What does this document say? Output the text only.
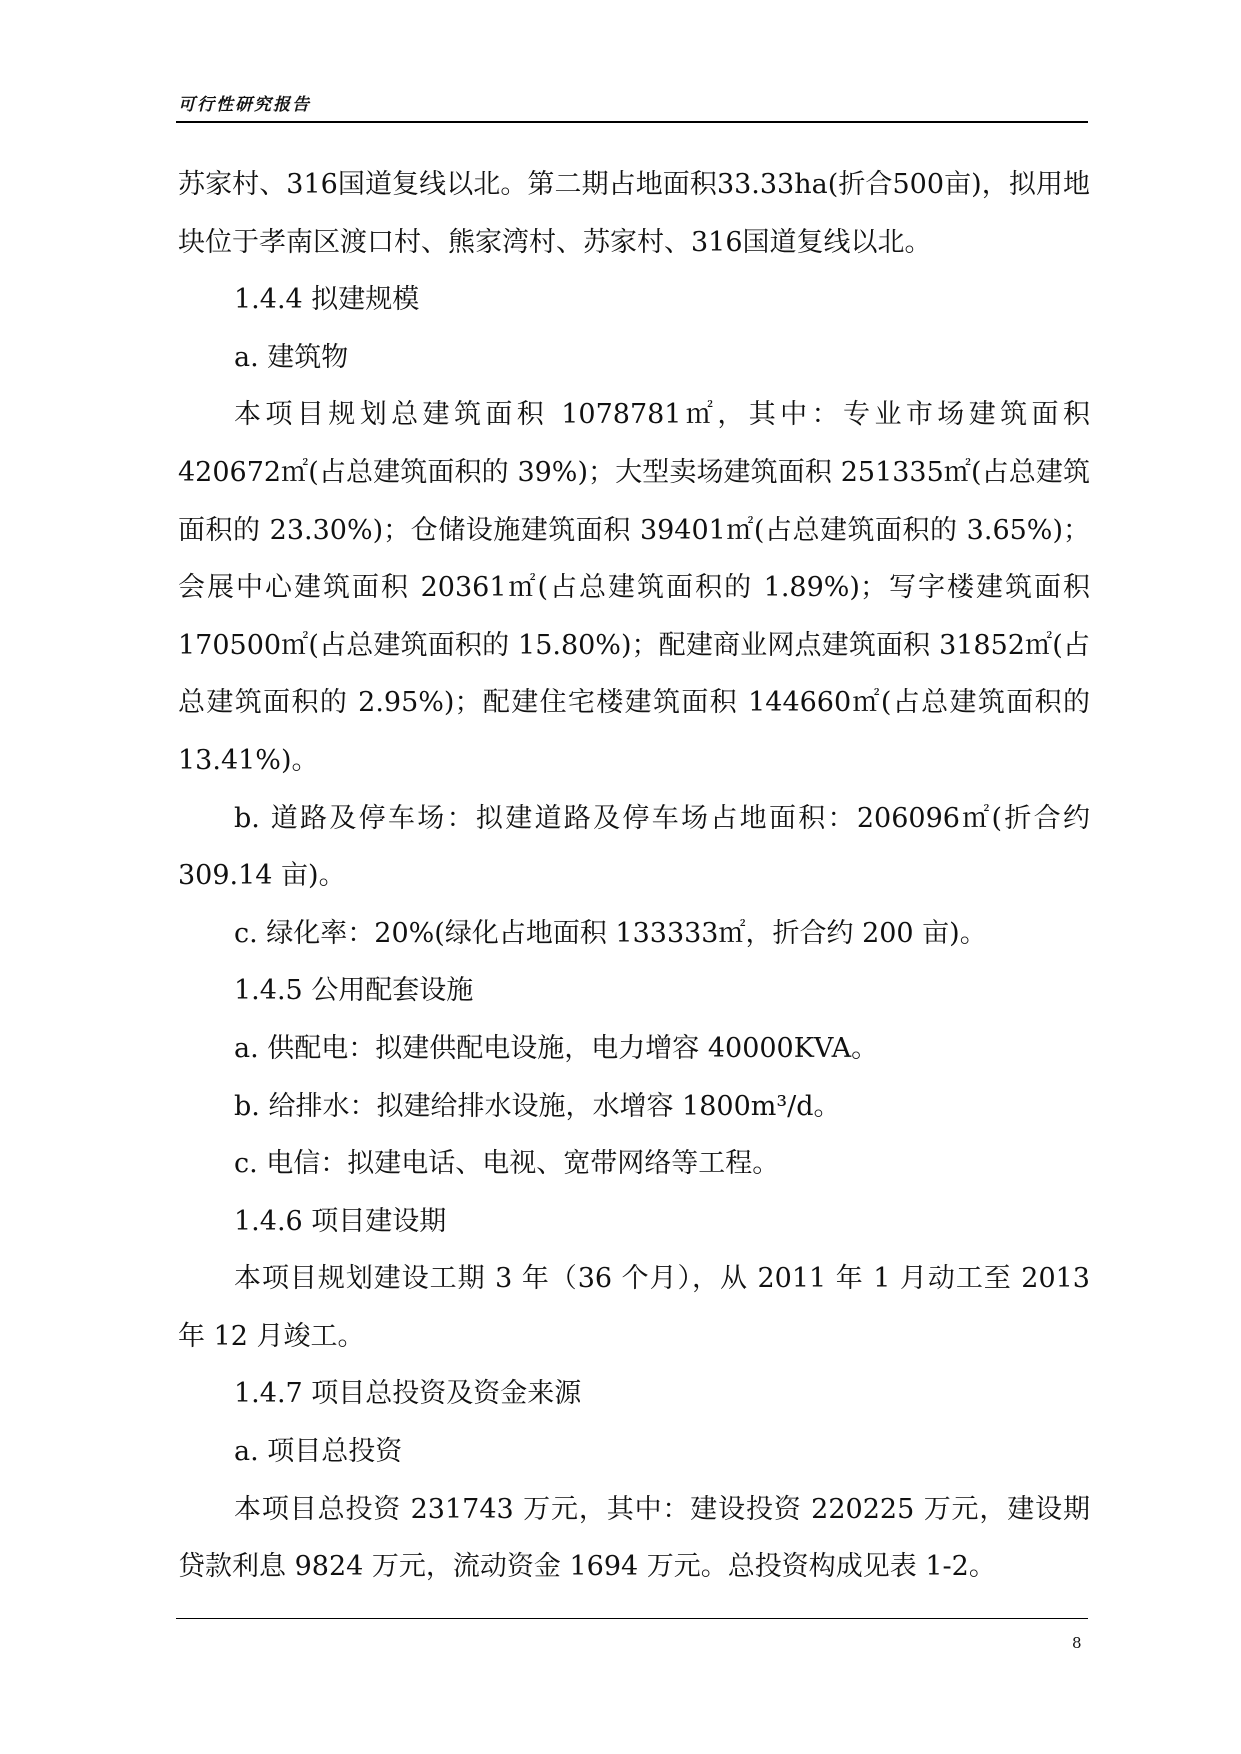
可行性研究报告

苏家村、316国道复线以北。第二期占地面积33.33ha(折合500亩)，拟用地块位于孝南区渡口村、熊家湾村、苏家村、316国道复线以北。

1.4.4 拟建规模

a. 建筑物

本项目规划总建筑面积 1078781㎡，其中：专业市场建筑面积 420672㎡(占总建筑面积的 39%)；大型卖场建筑面积 251335㎡(占总建筑面积的 23.30%)；仓储设施建筑面积 39401㎡(占总建筑面积的 3.65%)；会展中心建筑面积 20361㎡(占总建筑面积的 1.89%)；写字楼建筑面积 170500㎡(占总建筑面积的 15.80%)；配建商业网点建筑面积 31852㎡(占总建筑面积的 2.95%)；配建住宅楼建筑面积 144660㎡(占总建筑面积的 13.41%)。

b. 道路及停车场：拟建道路及停车场占地面积：206096㎡(折合约 309.14 亩)。

c. 绿化率：20%(绿化占地面积 133333㎡，折合约 200 亩)。

1.4.5 公用配套设施

a. 供配电：拟建供配电设施，电力增容 40000KVA。

b. 给排水：拟建给排水设施，水增容 1800m³/d。

c. 电信：拟建电话、电视、宽带网络等工程。

1.4.6 项目建设期

本项目规划建设工期 3 年（36 个月），从 2011 年 1 月动工至 2013 年 12 月竣工。

1.4.7 项目总投资及资金来源

a. 项目总投资

本项目总投资 231743 万元，其中：建设投资 220225 万元，建设期贷款利息 9824 万元，流动资金 1694 万元。总投资构成见表 1-2。

8
